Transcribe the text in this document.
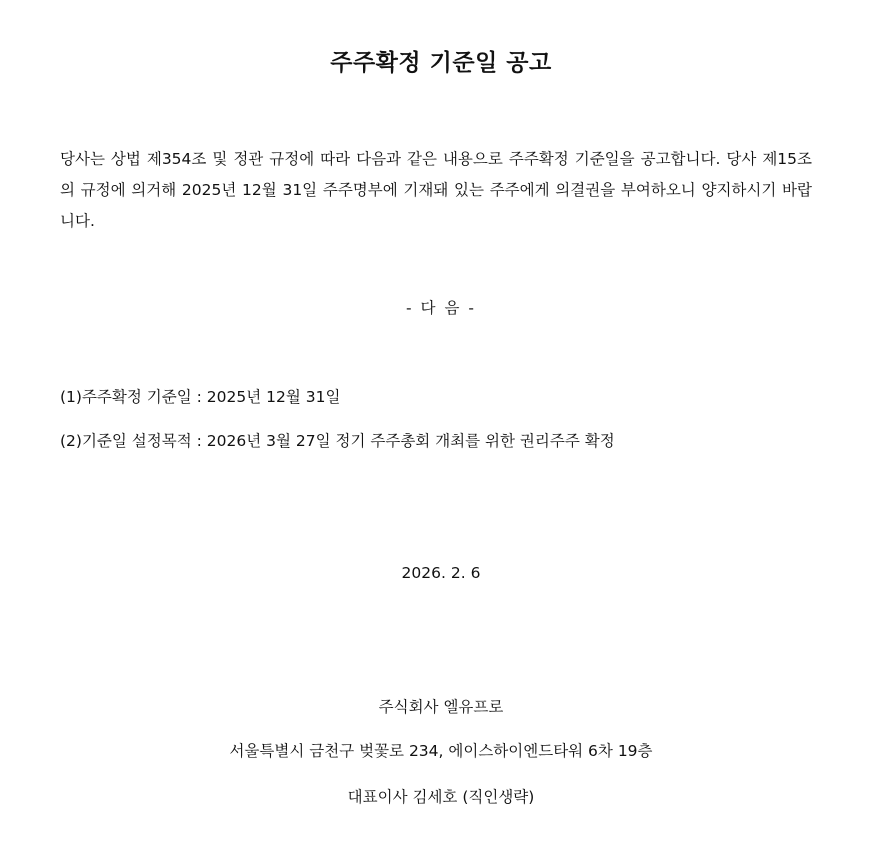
주주확정 기준일 공고

당사는 상법 제354조 및 정관 규정에 따라 다음과 같은 내용으로 주주확정 기준일을 공고합니다. 당사 제15조의 규정에 의거해 2025년 12월 31일 주주명부에 기재돼 있는 주주에게 의결권을 부여하오니 양지하시기 바랍니다.

- 다 음 -
(1)주주확정 기준일 : 2025년 12월 31일
(2)기준일 설정목적 : 2026년 3월 27일 정기 주주총회 개최를 위한 권리주주 확정
2026. 2. 6
주식회사 엘유프로
서울특별시 금천구 벚꽃로 234, 에이스하이엔드타워 6차 19층
대표이사 김세호 (직인생략)
